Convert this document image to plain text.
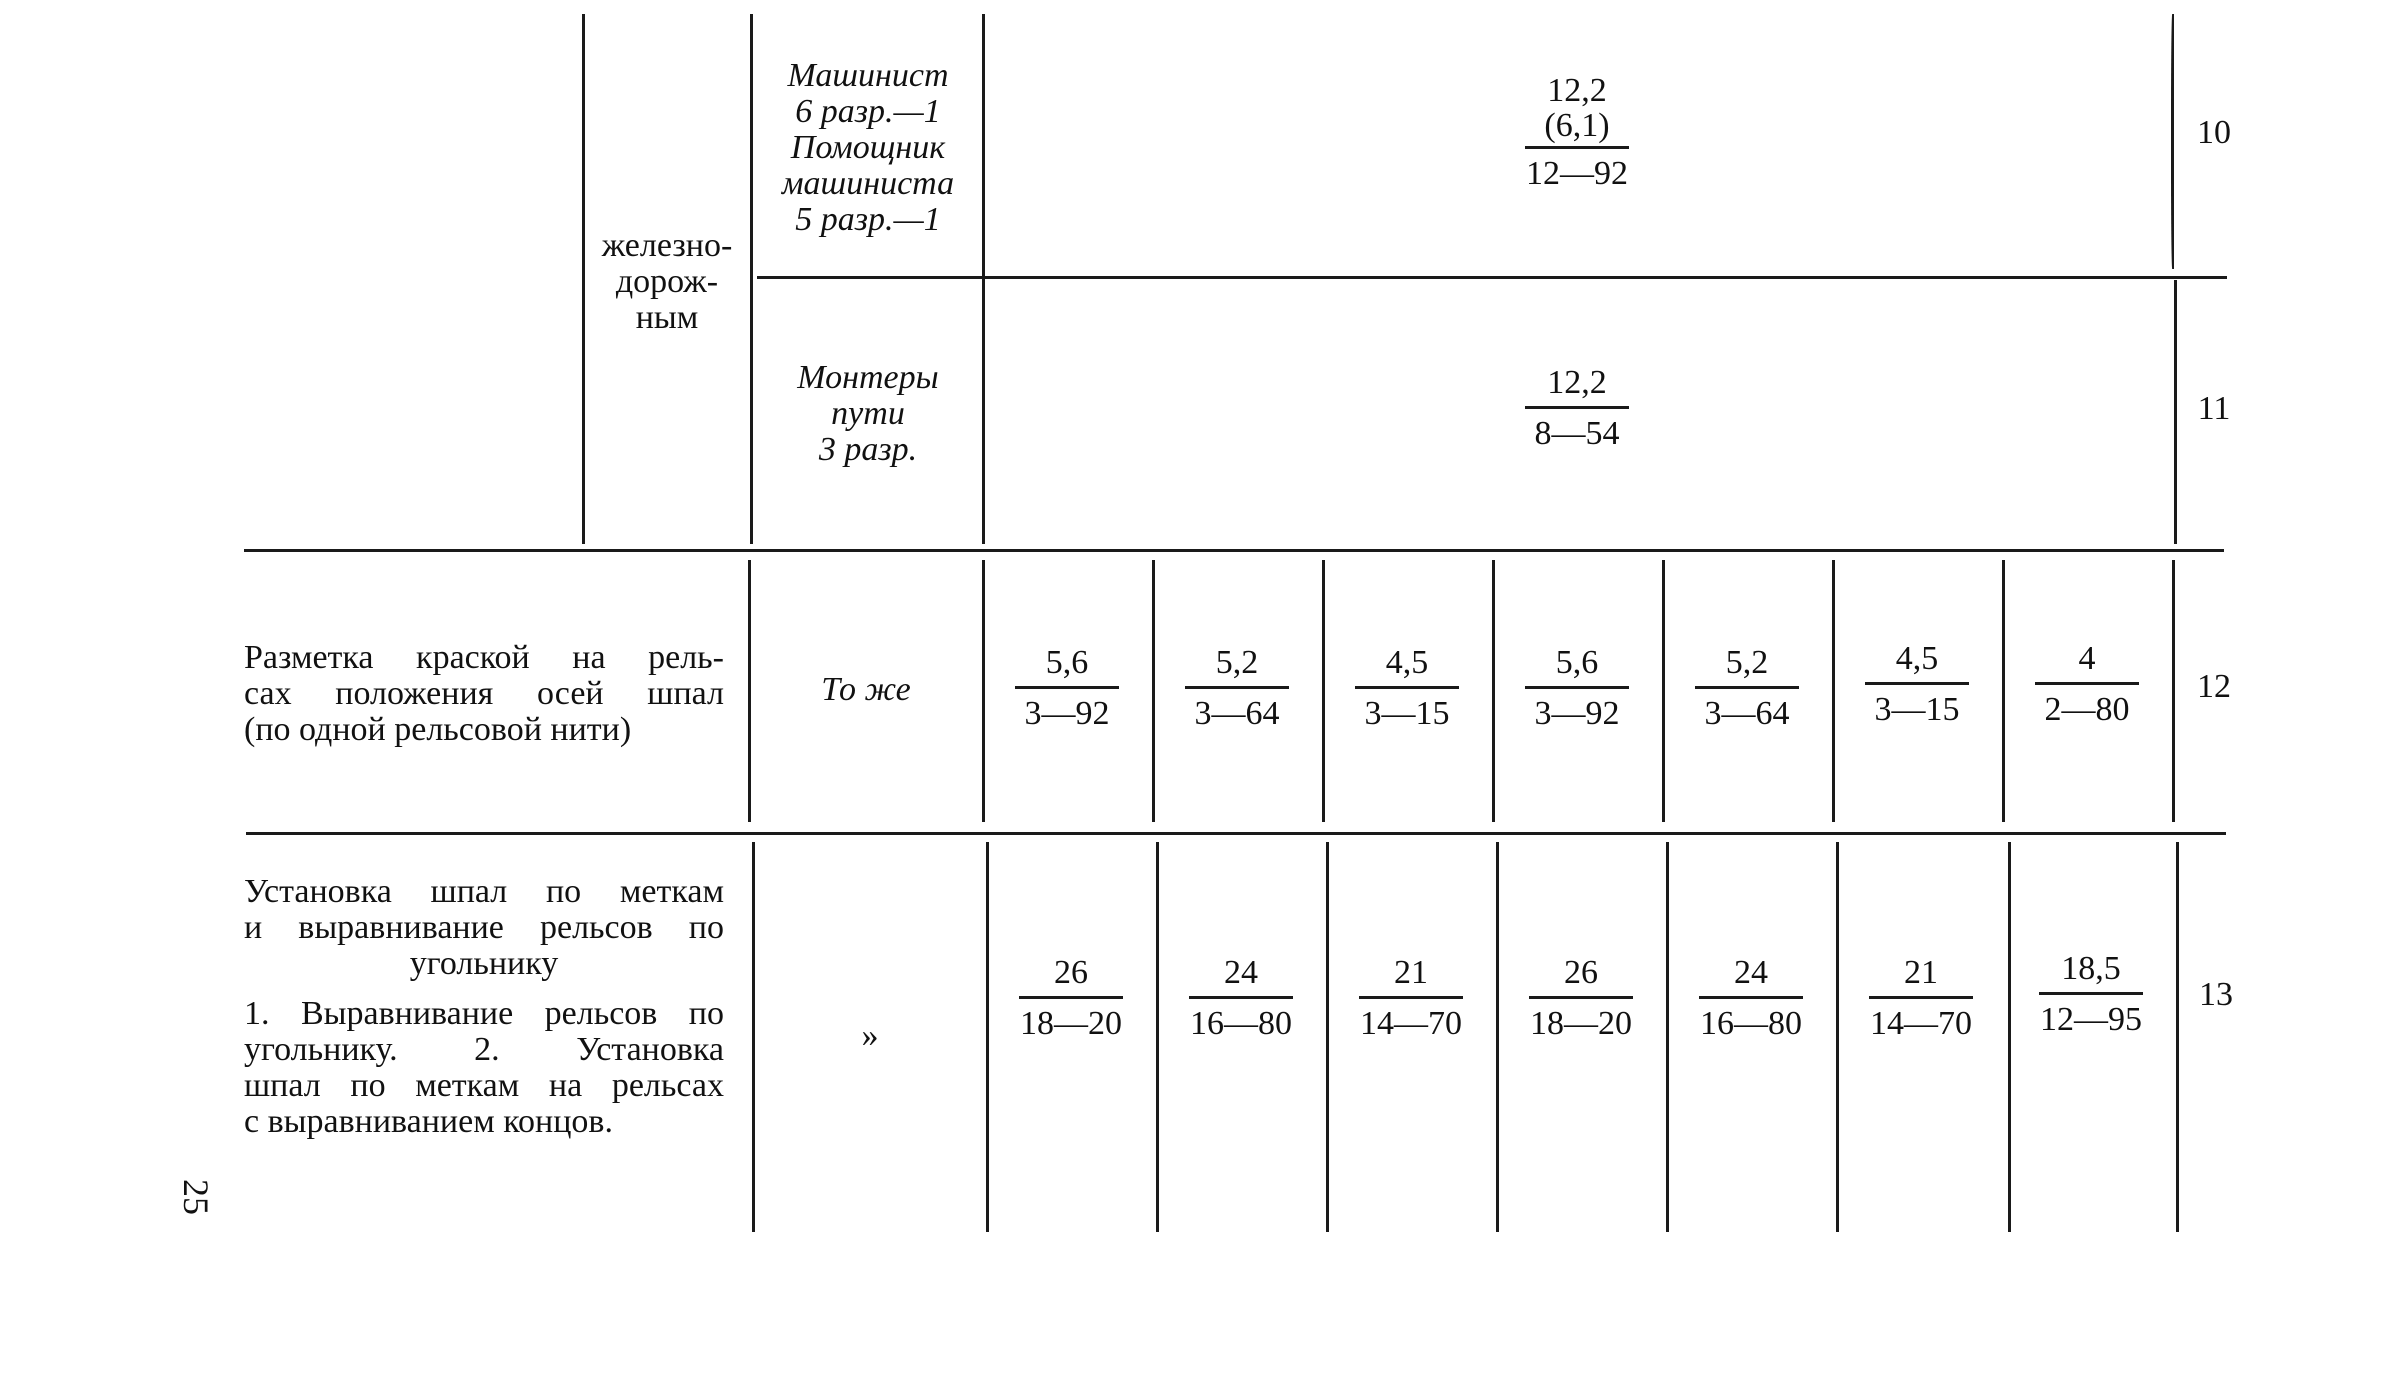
железно-
дорож-
ным
Машинист
6 разр.—1
Помощник
машиниста
5 разр.—1
12,2
(6,1)
12—92
10
Монтеры
пути
3 разр.
12,2
8—54
11
Разметка краской на рель-
сах положения осей шпал
(по одной рельсовой нити)
То же
5,6
3—92
5,2
3—64
4,5
3—15
5,6
3—92
5,2
3—64
4,5
3—15
4
2—80
12
Установка шпал по меткам
и выравнивание рельсов по
угольнику
1. Выравнивание рельсов по
угольнику. 2. Установка
шпал по меткам на рельсах
с выравниванием концов.
»
26
18—20
24
16—80
21
14—70
26
18—20
24
16—80
21
14—70
18,5
12—95
13
25
